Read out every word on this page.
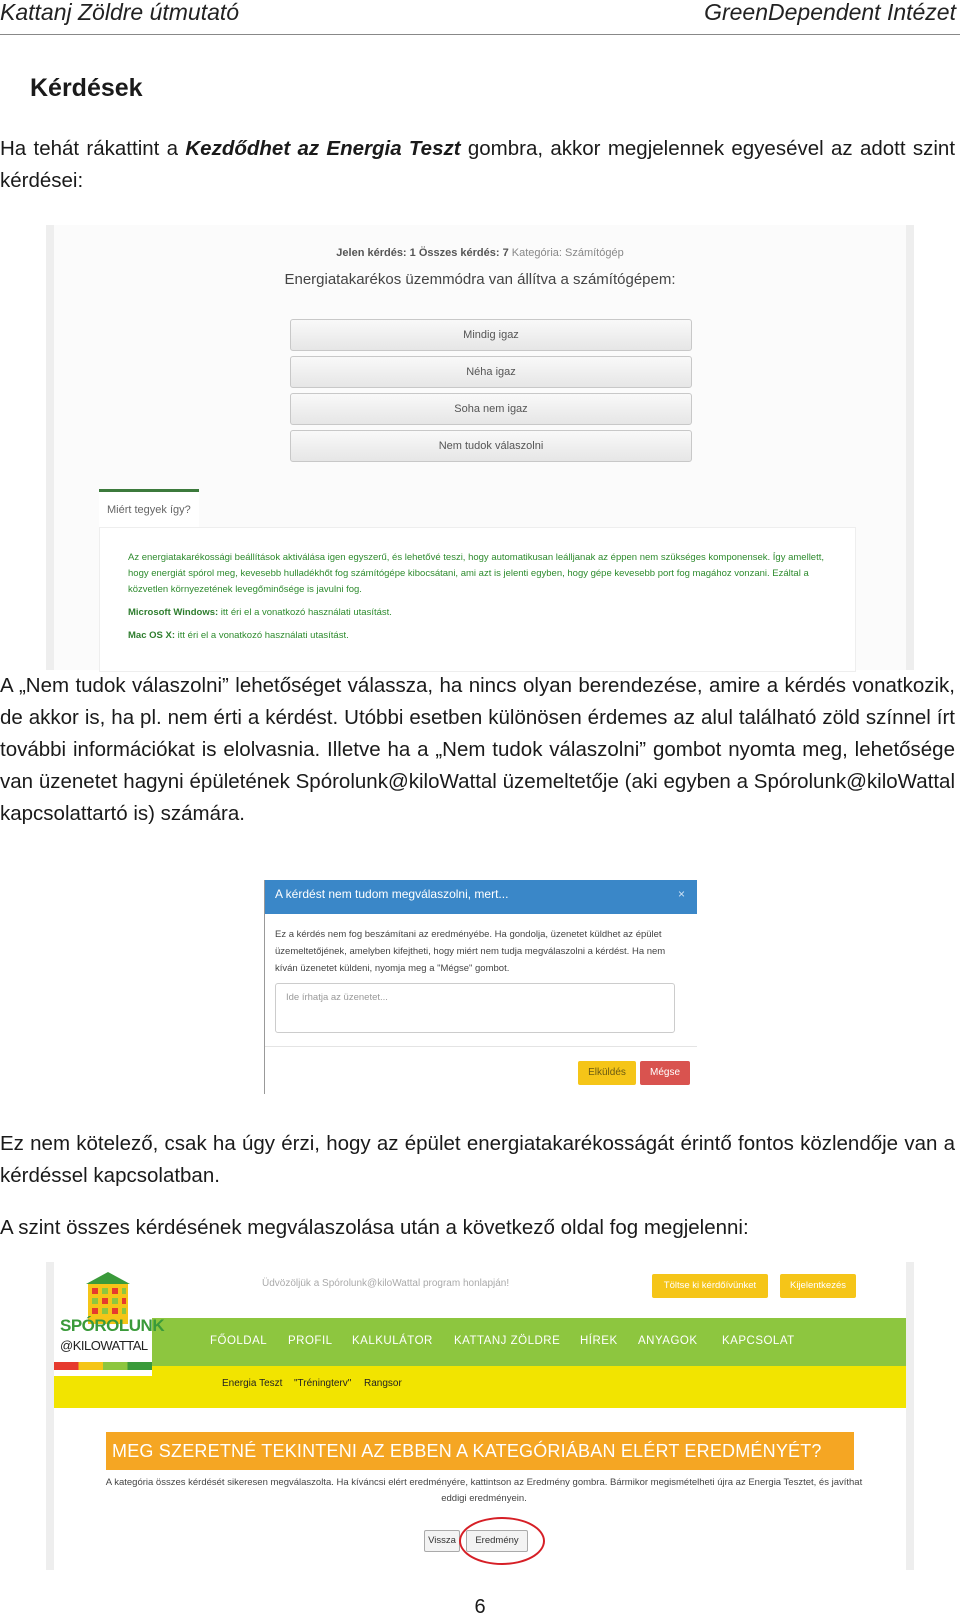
Kattanj Zöldre útmutató	GreenDependent Intézet
Kérdések

Ha tehát rákattint a Kezdődhet az Energia Teszt gombra, akkor megjelennek egyesével az adott szint kérdései:

Jelen kérdés: 1 Összes kérdés: 7 Kategória: Számítógép
Energiatakarékos üzemmódra van állítva a számítógépem:
Mindig igaz
Néha igaz
Soha nem igaz
Nem tudok válaszolni
Miért tegyek így?

Az energiatakarékossági beállítások aktiválása igen egyszerű, és lehetővé teszi, hogy automatikusan leálljanak az éppen nem szükséges komponensek. Így amellett, hogy energiát spórol meg, kevesebb hulladékhőt fog számítógépe kibocsátani, ami azt is jelenti egyben, hogy gépe kevesebb port fog magához vonzani. Ezáltal a közvetlen környezetének levegőminősége is javulni fog.

Microsoft Windows: itt éri el a vonatkozó használati utasítást.

Mac OS X: itt éri el a vonatkozó használati utasítást.

A „Nem tudok válaszolni” lehetőséget válassza, ha nincs olyan berendezése, amire a kérdés vonatkozik, de akkor is, ha pl. nem érti a kérdést. Utóbbi esetben különösen érdemes az alul található zöld színnel írt további információkat is elolvasnia. Illetve ha a „Nem tudok válaszolni” gombot nyomta meg, lehetősége van üzenetet hagyni épületének Spórolunk@kiloWattal üzemeltetője (aki egyben a Spórolunk@kiloWattal kapcsolattartó is) számára.

A kérdést nem tudom megválaszolni, mert...	×
Ez a kérdés nem fog beszámítani az eredményébe. Ha gondolja, üzenetet küldhet az épület üzemeltetőjének, amelyben kifejtheti, hogy miért nem tudja megválaszolni a kérdést. Ha nem kíván üzenetet küldeni, nyomja meg a "Mégse" gombot.
Ide írhatja az üzenetet...
Elküldés	Mégse

Ez nem kötelező, csak ha úgy érzi, hogy az épület energiatakarékosságát érintő fontos közlendője van a kérdéssel kapcsolatban.

A szint összes kérdésének megválaszolása után a következő oldal fog megjelenni:

Üdvözöljük a Spórolunk@kiloWattal program honlapján!	Töltse ki kérdőívünket	Kijelentkezés
FŐOLDAL PROFIL KALKULÁTOR KATTANJ ZÖLDRE HÍREK ANYAGOK KAPCSOLAT
Energia Teszt "Tréningterv" Rangsor
SPÓROLUNK
@KILOWATTAL
MEG SZERETNÉ TEKINTENI AZ EBBEN A KATEGÓRIÁBAN ELÉRT EREDMÉNYÉT?
A kategória összes kérdését sikeresen megválaszolta. Ha kíváncsi elért eredményére, kattintson az Eredmény gombra. Bármikor megismételheti újra az Energia Tesztet, és javíthat eddigi eredményein.
Vissza	Eredmény
6
